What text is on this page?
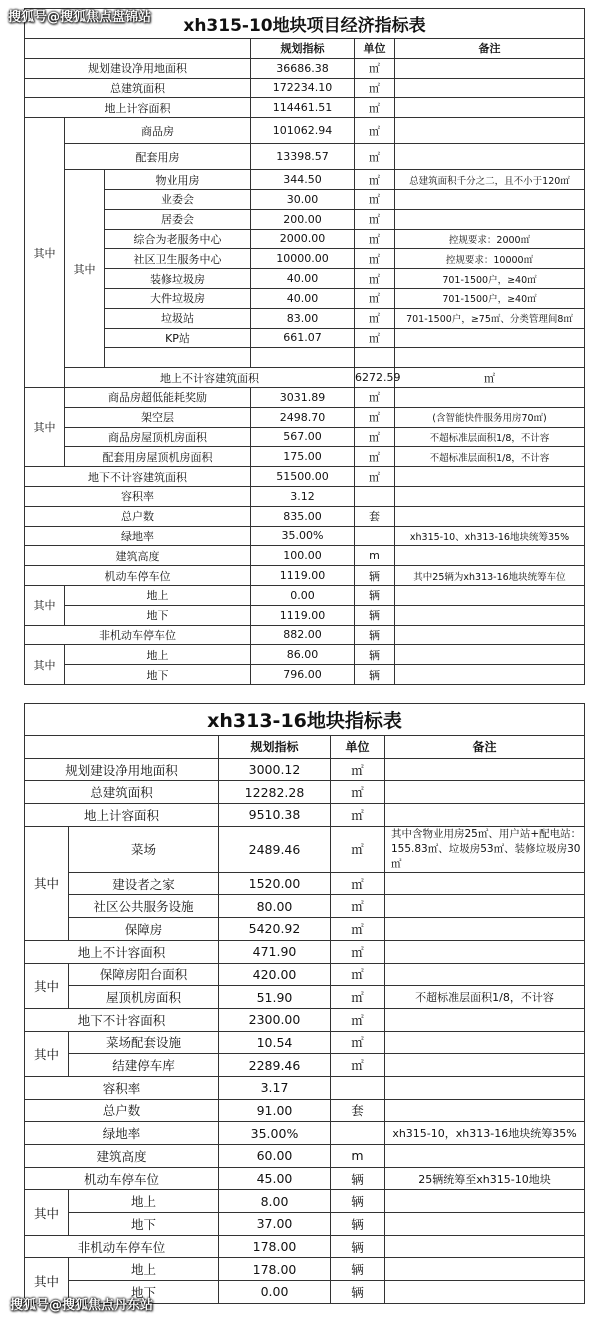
xh315-10地块项目经济指标表						
			规划指标	单位	备注	
规划建设净用地面积			36686.38	㎡		
总建筑面积			172234.10	㎡		
地上计容面积			114461.51	㎡		
其中	商品房		101062.94	㎡		
	配套用房		13398.57	㎡		
	其中	物业用房	344.50	㎡	总建筑面积千分之二，且不小于120㎡	
		业委会	30.00	㎡		
		居委会	200.00	㎡		
		综合为老服务中心	2000.00	㎡	控规要求：2000㎡	
		社区卫生服务中心	10000.00	㎡	控规要求：10000㎡	
		装修垃圾房	40.00	㎡	701-1500户，≥40㎡	
		大件垃圾房	40.00	㎡	701-1500户，≥40㎡	
		垃圾站	83.00	㎡	701-1500户，≥75㎡、分类管理间8㎡	
		KP站	661.07	㎡		

	地上不计容建筑面积			6272.59	㎡	
其中	商品房超低能耗奖励		3031.89	㎡		
	架空层		2498.70	㎡	(含智能快件服务用房70㎡)	
	商品房屋顶机房面积		567.00	㎡	不超标准层面积1/8，不计容	
	配套用房屋顶机房面积		175.00	㎡	不超标准层面积1/8，不计容	
地下不计容建筑面积			51500.00	㎡		
容积率			3.12			
总户数			835.00	套		
绿地率			35.00%		xh315-10、xh313-16地块统筹35%	
建筑高度			100.00	m		
机动车停车位			1119.00	辆	其中25辆为xh313-16地块统筹车位	
其中	地上		0.00	辆		
	地下		1119.00	辆		
非机动车停车位			882.00	辆		
其中	地上		86.00	辆		
	地下		796.00	辆		
xh313-16地块指标表				
		规划指标	单位	备注
规划建设净用地面积		3000.12	㎡	
总建筑面积		12282.28	㎡	
地上计容面积		9510.38	㎡	
其中	菜场	2489.46	㎡	其中含物业用房25㎡、用户站+配电站：155.83㎡、垃圾房53㎡、装修垃圾房30㎡
	建设者之家	1520.00	㎡	
	社区公共服务设施	80.00	㎡	
	保障房	5420.92	㎡	
地上不计容面积		471.90	㎡	
其中	保障房阳台面积	420.00	㎡	
	屋顶机房面积	51.90	㎡	不超标准层面积1/8，不计容
地下不计容面积		2300.00	㎡	
其中	菜场配套设施	10.54	㎡	
	结建停车库	2289.46	㎡	
容积率		3.17		
总户数		91.00	套	
绿地率		35.00%		xh315-10，xh313-16地块统筹35%
建筑高度		60.00	m	
机动车停车位		45.00	辆	25辆统筹至xh315-10地块
其中	地上	8.00	辆	
	地下	37.00	辆	
非机动车停车位		178.00	辆	
其中	地上	178.00	辆	
	地下	0.00	辆	
搜狐号@搜狐焦点盘锦站
搜狐号@搜狐焦点丹东站
